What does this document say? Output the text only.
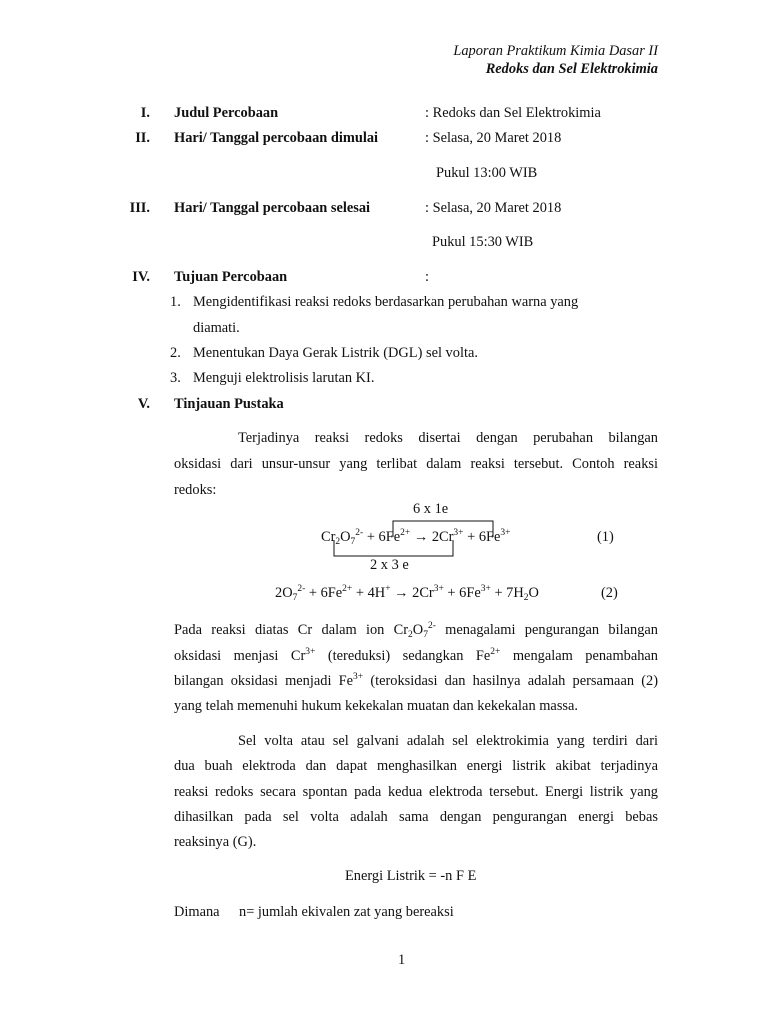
Laporan Praktikum Kimia Dasar II
Redoks dan Sel Elektrokimia
I. Judul Percobaan	: Redoks dan Sel Elektrokimia
II. Hari/ Tanggal percobaan dimulai	: Selasa, 20 Maret 2018
Pukul 13:00 WIB
III. Hari/ Tanggal percobaan selesai	: Selasa, 20 Maret 2018
Pukul 15:30 WIB
IV. Tujuan Percobaan	:
1. Mengidentifikasi reaksi redoks berdasarkan perubahan warna yang
diamati.
2. Menentukan Daya Gerak Listrik (DGL) sel volta.
3. Menguji elektrolisis larutan KI.
V. Tinjauan Pustaka
Terjadinya reaksi redoks disertai dengan perubahan bilangan
oksidasi dari unsur-unsur yang terlibat dalam reaksi tersebut. Contoh reaksi
redoks:
6 x 1e
$Cr_2O_7^{2-} + 6Fe^{2+} \to 2Cr^{3+} + 6Fe^{3+}$	(1)
2 x 3 e
$2O_7^{2-} + 6Fe^{2+} + 4H^+ \to 2Cr^{3+} + 6Fe^{3+} + 7H_2O$	(2)
Pada reaksi diatas Cr dalam ion $Cr_2O_7^{2-}$ menagalami pengurangan bilangan
oksidasi menjasi $Cr^{3+}$ (tereduksi) sedangkan $Fe^{2+}$ mengalam penambahan
bilangan oksidasi menjadi $Fe^{3+}$ (teroksidasi dan hasilnya adalah persamaan (2)
yang telah memenuhi hukum kekekalan muatan dan kekekalan massa.
Sel volta atau sel galvani adalah sel elektrokimia yang terdiri dari
dua buah elektroda dan dapat menghasilkan energi listrik akibat terjadinya
reaksi redoks secara spontan pada kedua elektroda tersebut. Energi listrik yang
dihasilkan pada sel volta adalah sama dengan pengurangan energi bebas
reaksinya (G).
Energi Listrik = -n F E
Dimana n= jumlah ekivalen zat yang bereaksi
1
